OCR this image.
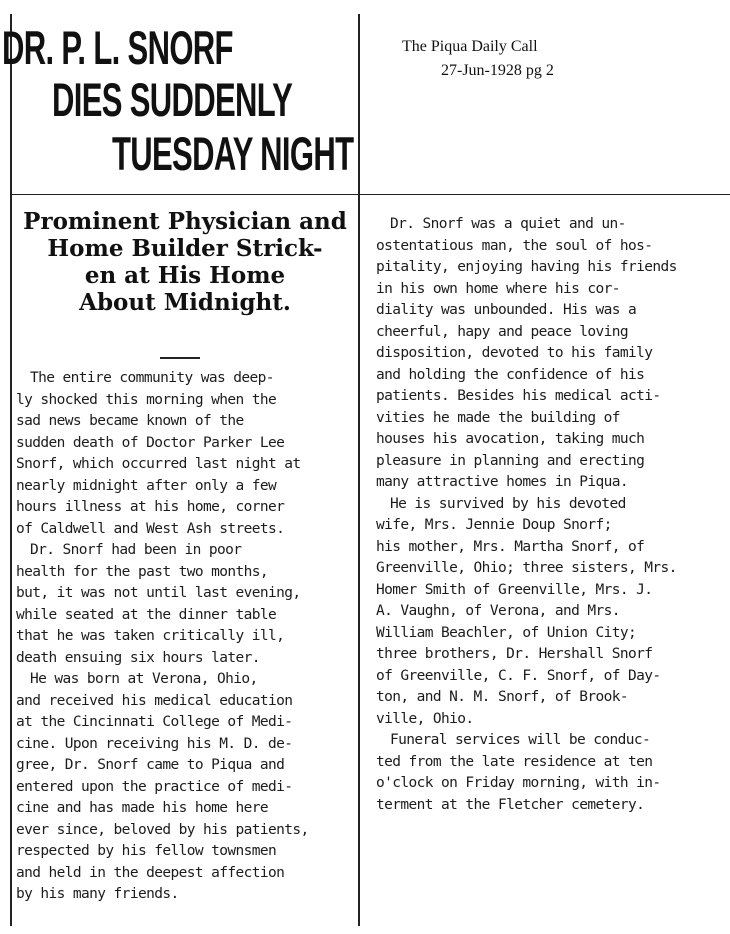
DR. P. L. SNORF
DIES SUDDENLY
TUESDAY NIGHT
The Piqua Daily Call
27-Jun-1928 pg 2
Prominent Physician and
Home Builder Strick-
en at His Home
About Midnight.
The entire community was deep-
ly shocked this morning when the
sad news became known of the
sudden death of Doctor Parker Lee
Snorf, which occurred last night at
nearly midnight after only a few
hours illness at his home, corner
of Caldwell and West Ash streets.
Dr. Snorf had been in poor
health for the past two months,
but, it was not until last evening,
while seated at the dinner table
that he was taken critically ill,
death ensuing six hours later.
He was born at Verona, Ohio,
and received his medical education
at the Cincinnati College of Medi-
cine. Upon receiving his M. D. de-
gree, Dr. Snorf came to Piqua and
entered upon the practice of medi-
cine and has made his home here
ever since, beloved by his patients,
respected by his fellow townsmen
and held in the deepest affection
by his many friends.
Dr. Snorf was a quiet and un-
ostentatious man, the soul of hos-
pitality, enjoying having his friends
in his own home where his cor-
diality was unbounded. His was a
cheerful, hapy and peace loving
disposition, devoted to his family
and holding the confidence of his
patients. Besides his medical acti-
vities he made the building of
houses his avocation, taking much
pleasure in planning and erecting
many attractive homes in Piqua.
He is survived by his devoted
wife, Mrs. Jennie Doup Snorf;
his mother, Mrs. Martha Snorf, of
Greenville, Ohio; three sisters, Mrs.
Homer Smith of Greenville, Mrs. J.
A. Vaughn, of Verona, and Mrs.
William Beachler, of Union City;
three brothers, Dr. Hershall Snorf
of Greenville, C. F. Snorf, of Day-
ton, and N. M. Snorf, of Brook-
ville, Ohio.
Funeral services will be conduc-
ted from the late residence at ten
o'clock on Friday morning, with in-
terment at the Fletcher cemetery.
